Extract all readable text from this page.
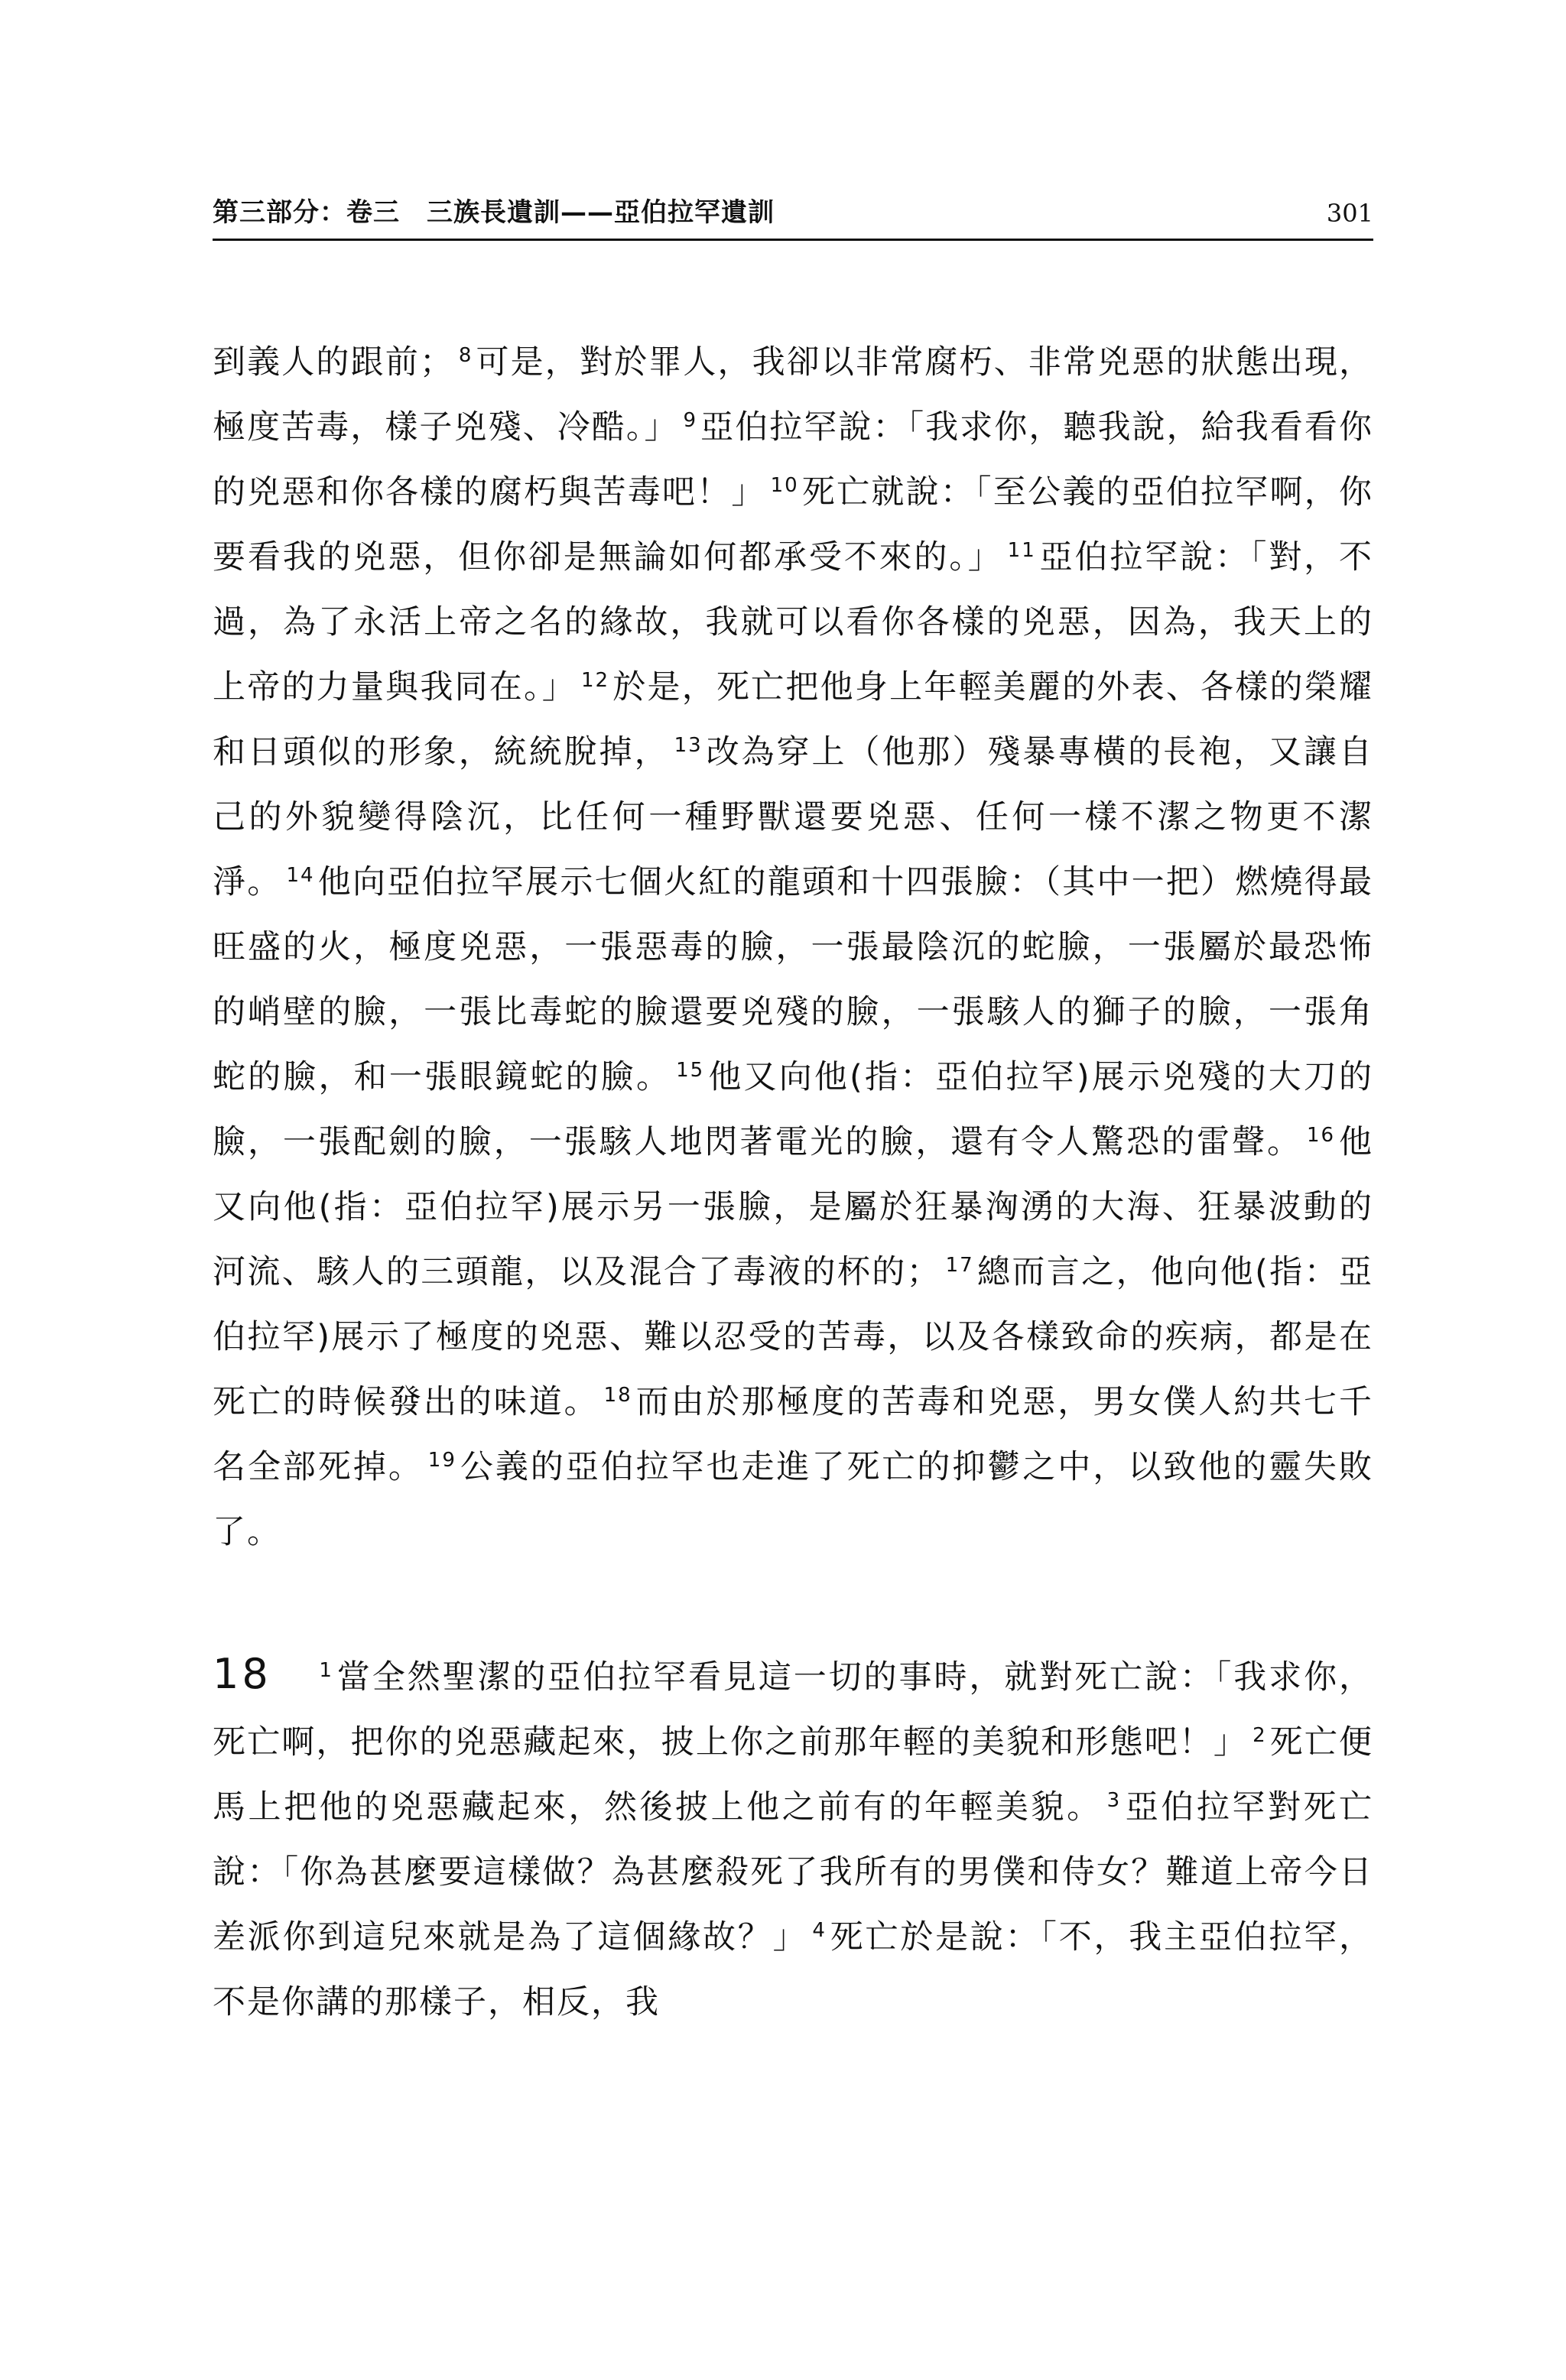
第三部分：卷三　三族長遺訓——亞伯拉罕遺訓	301

到義人的跟前； $^8$可是，對於罪人，我卻以非常腐朽、非常兇惡的狀態出現，極度苦毒，樣子兇殘、冷酷。」 $^9$亞伯拉罕說：「我求你，聽我說，給我看看你的兇惡和你各樣的腐朽與苦毒吧！」 $^{10}$死亡就說：「至公義的亞伯拉罕啊，你要看我的兇惡，但你卻是無論如何都承受不來的。」 $^{11}$亞伯拉罕說：「對，不過，為了永活上帝之名的緣故，我就可以看你各樣的兇惡，因為，我天上的上帝的力量與我同在。」 $^{12}$於是，死亡把他身上年輕美麗的外表、各樣的榮耀和日頭似的形象，統統脫掉， $^{13}$改為穿上（他那）殘暴專橫的長袍，又讓自己的外貌變得陰沉，比任何一種野獸還要兇惡、任何一樣不潔之物更不潔淨。 $^{14}$他向亞伯拉罕展示七個火紅的龍頭和十四張臉：（其中一把）燃燒得最旺盛的火，極度兇惡，一張惡毒的臉，一張最陰沉的蛇臉，一張屬於最恐怖的峭壁的臉，一張比毒蛇的臉還要兇殘的臉，一張駭人的獅子的臉，一張角蛇的臉，和一張眼鏡蛇的臉。 $^{15}$他又向他(指：亞伯拉罕)展示兇殘的大刀的臉，一張配劍的臉，一張駭人地閃著電光的臉，還有令人驚恐的雷聲。 $^{16}$他又向他(指：亞伯拉罕)展示另一張臉，是屬於狂暴洶湧的大海、狂暴波動的河流、駭人的三頭龍，以及混合了毒液的杯的； $^{17}$總而言之，他向他(指：亞伯拉罕)展示了極度的兇惡、難以忍受的苦毒，以及各樣致命的疾病，都是在死亡的時候發出的味道。 $^{18}$而由於那極度的苦毒和兇惡，男女僕人約共七千名全部死掉。 $^{19}$公義的亞伯拉罕也走進了死亡的抑鬱之中，以致他的靈失敗了。

18 $^1$當全然聖潔的亞伯拉罕看見這一切的事時，就對死亡說：「我求你，死亡啊，把你的兇惡藏起來，披上你之前那年輕的美貌和形態吧！」 $^2$死亡便馬上把他的兇惡藏起來，然後披上他之前有的年輕美貌。 $^3$亞伯拉罕對死亡說：「你為甚麼要這樣做？為甚麼殺死了我所有的男僕和侍女？難道上帝今日差派你到這兒來就是為了這個緣故？」 $^4$死亡於是說：「不，我主亞伯拉罕，不是你講的那樣子，相反，我
